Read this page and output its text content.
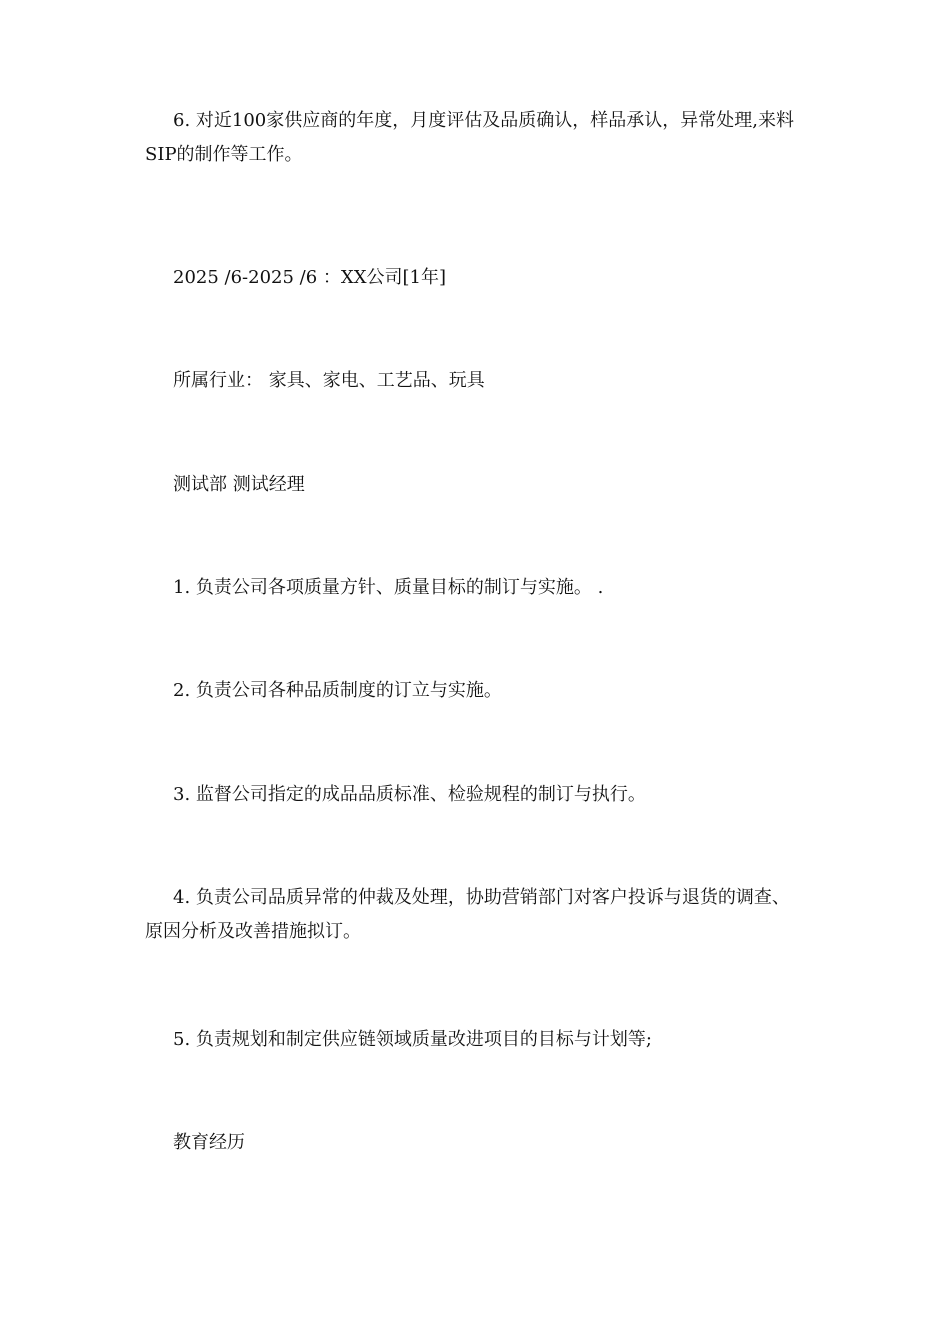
6. 对近100家供应商的年度，月度评估及品质确认，样品承认，异常处理,来料SIP的制作等工作。

2025 /6-2025 /6 ：XX公司[1年]

所属行业： 家具、家电、工艺品、玩具

测试部 测试经理

1. 负责公司各项质量方针、质量目标的制订与实施。 .

2. 负责公司各种品质制度的订立与实施。

3. 监督公司指定的成品品质标准、检验规程的制订与执行。

4. 负责公司品质异常的仲裁及处理，协助营销部门对客户投诉与退货的调查、原因分析及改善措施拟订。

5. 负责规划和制定供应链领域质量改进项目的目标与计划等;

教育经历
